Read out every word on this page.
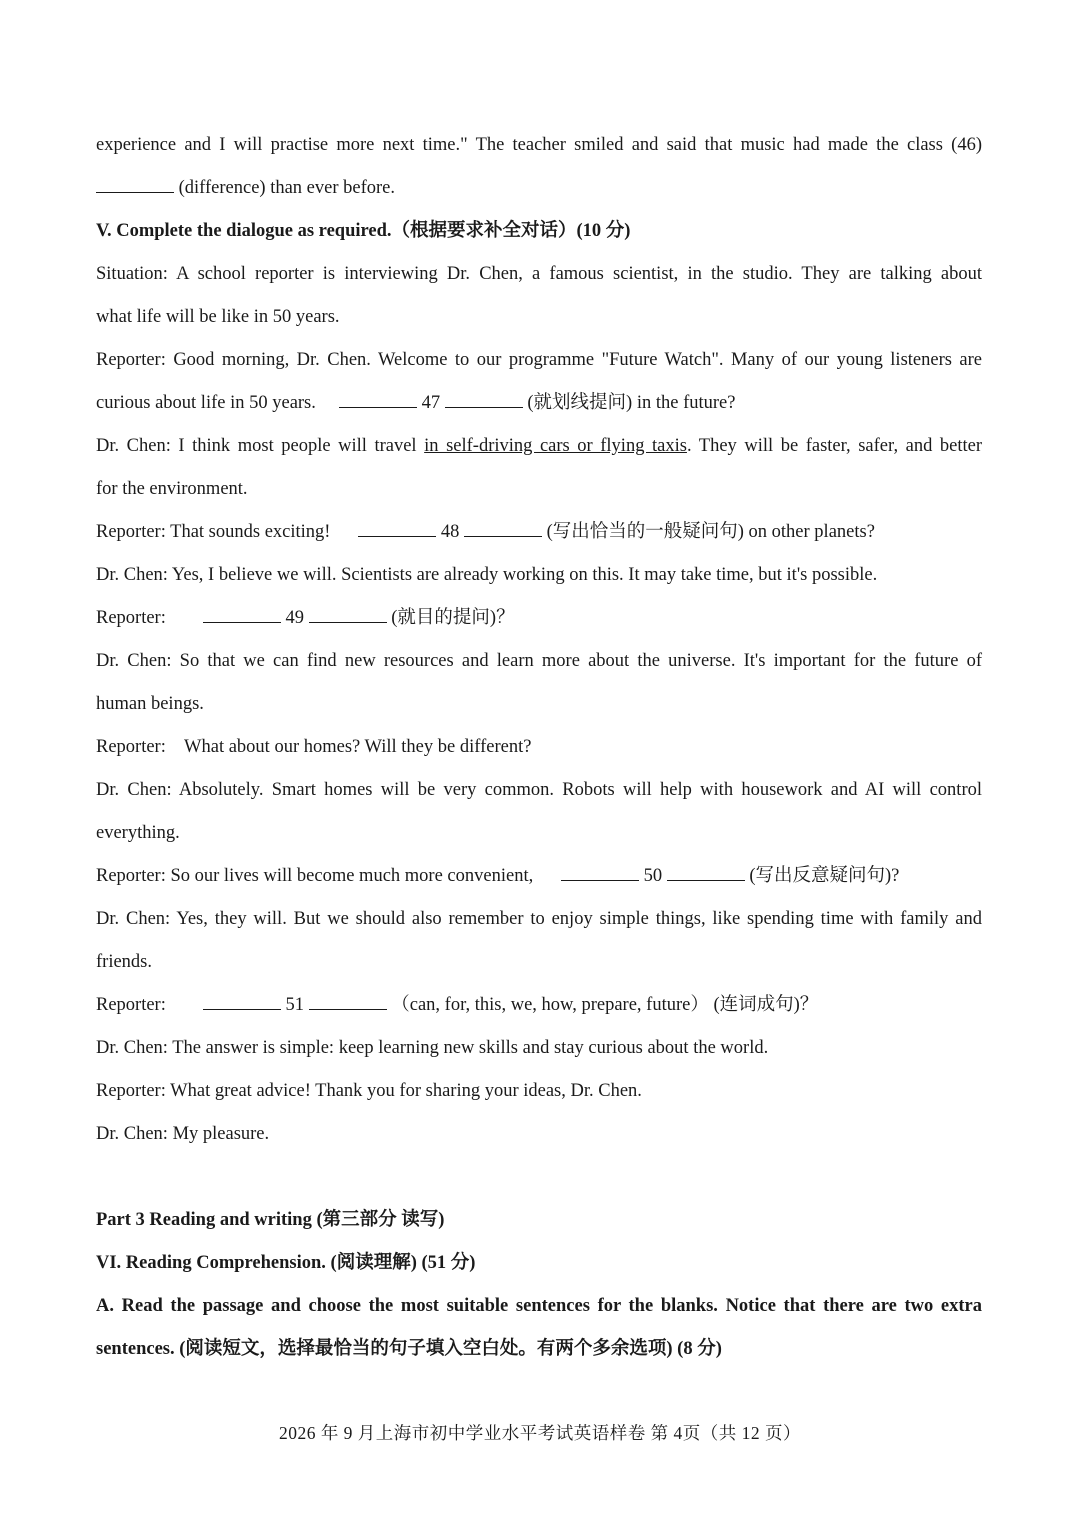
experience and I will practise more next time." The teacher smiled and said that music had made the class (46)
(difference) than ever before.
V. Complete the dialogue as required.（根据要求补全对话）(10 分)
Situation: A school reporter is interviewing Dr. Chen, a famous scientist, in the studio. They are talking about
what life will be like in 50 years.
Reporter: Good morning, Dr. Chen. Welcome to our programme "Future Watch". Many of our young listeners are
curious about life in 50 years.	47	(就划线提问) in the future?
Dr. Chen: I think most people will travel in self-driving cars or flying taxis. They will be faster, safer, and better
for the environment.
Reporter: That sounds exciting!	48	(写出恰当的一般疑问句) on other planets?
Dr. Chen: Yes, I believe we will. Scientists are already working on this. It may take time, but it's possible.
Reporter:	49	(就目的提问)？
Dr. Chen: So that we can find new resources and learn more about the universe. It's important for the future of
human beings.
Reporter:    What about our homes? Will they be different?
Dr. Chen: Absolutely. Smart homes will be very common. Robots will help with housework and AI will control
everything.
Reporter: So our lives will become much more convenient,	50	(写出反意疑问句)?
Dr. Chen: Yes, they will. But we should also remember to enjoy simple things, like spending time with family and
friends.
Reporter:	51	（can, for, this, we, how, prepare, future） (连词成句)？
Dr. Chen: The answer is simple: keep learning new skills and stay curious about the world.
Reporter: What great advice! Thank you for sharing your ideas, Dr. Chen.
Dr. Chen: My pleasure.
Part 3 Reading and writing (第三部分 读写)
VI. Reading Comprehension. (阅读理解) (51 分)
A. Read the passage and choose the most suitable sentences for the blanks. Notice that there are two extra
sentences. (阅读短文，选择最恰当的句子填入空白处。有两个多余选项) (8 分)
2026 年 9 月上海市初中学业水平考试英语样卷 第 4页（共 12 页）
